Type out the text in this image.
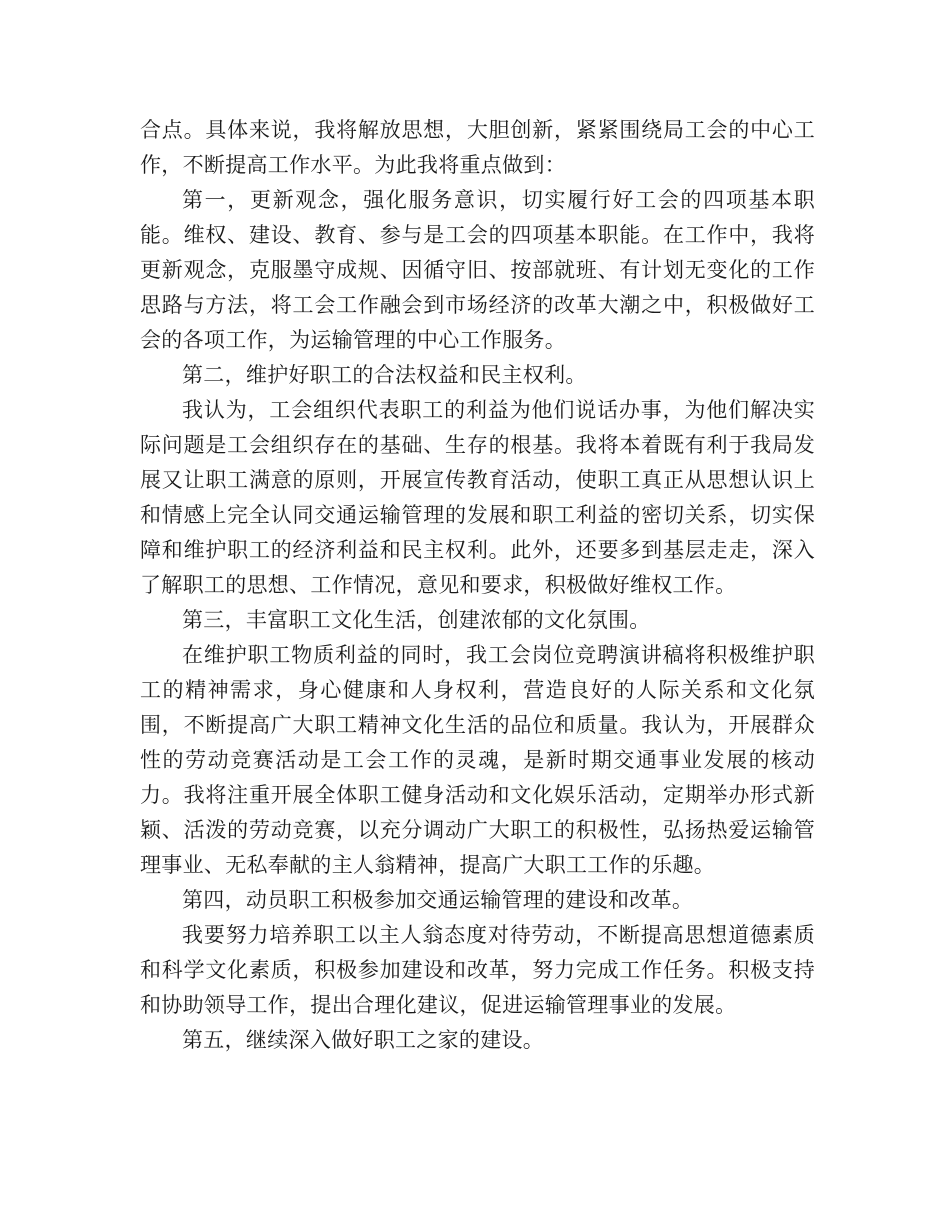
合点。具体来说，我将解放思想，大胆创新，紧紧围绕局工会的中心工作，不断提高工作水平。为此我将重点做到：

第一，更新观念，强化服务意识，切实履行好工会的四项基本职能。维权、建设、教育、参与是工会的四项基本职能。在工作中，我将更新观念，克服墨守成规、因循守旧、按部就班、有计划无变化的工作思路与方法，将工会工作融会到市场经济的改革大潮之中，积极做好工会的各项工作，为运输管理的中心工作服务。

第二，维护好职工的合法权益和民主权利。

我认为，工会组织代表职工的利益为他们说话办事，为他们解决实际问题是工会组织存在的基础、生存的根基。我将本着既有利于我局发展又让职工满意的原则，开展宣传教育活动，使职工真正从思想认识上和情感上完全认同交通运输管理的发展和职工利益的密切关系，切实保障和维护职工的经济利益和民主权利。此外，还要多到基层走走，深入了解职工的思想、工作情况，意见和要求，积极做好维权工作。

第三，丰富职工文化生活，创建浓郁的文化氛围。

在维护职工物质利益的同时，我工会岗位竞聘演讲稿将积极维护职工的精神需求，身心健康和人身权利，营造良好的人际关系和文化氛围，不断提高广大职工精神文化生活的品位和质量。我认为，开展群众性的劳动竞赛活动是工会工作的灵魂，是新时期交通事业发展的核动力。我将注重开展全体职工健身活动和文化娱乐活动，定期举办形式新颖、活泼的劳动竞赛，以充分调动广大职工的积极性，弘扬热爱运输管理事业、无私奉献的主人翁精神，提高广大职工工作的乐趣。

第四，动员职工积极参加交通运输管理的建设和改革。

我要努力培养职工以主人翁态度对待劳动，不断提高思想道德素质和科学文化素质，积极参加建设和改革，努力完成工作任务。积极支持和协助领导工作，提出合理化建议，促进运输管理事业的发展。

第五，继续深入做好职工之家的建设。
